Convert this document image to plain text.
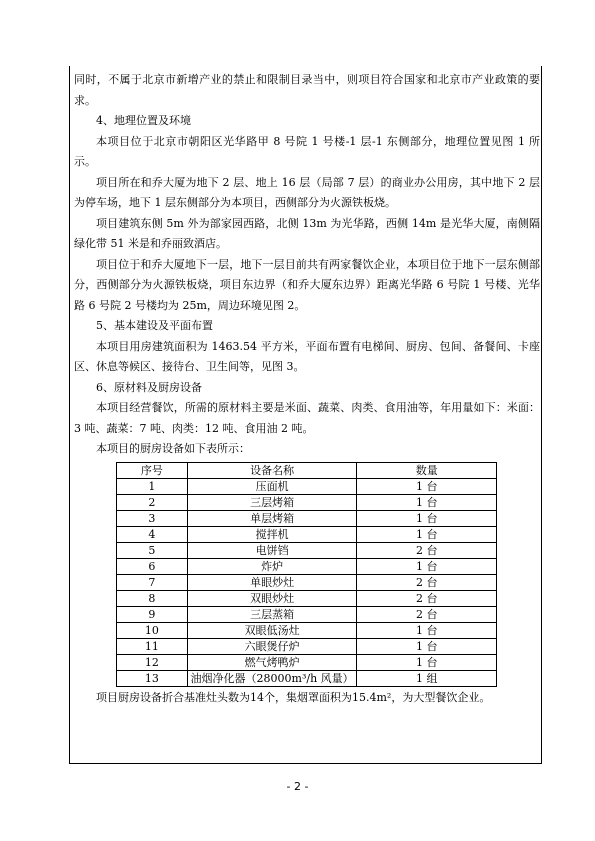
同时，不属于北京市新增产业的禁止和限制目录当中，则项目符合国家和北京市产业政策的要求。

4、地理位置及环境

本项目位于北京市朝阳区光华路甲 8 号院 1 号楼-1 层-1 东侧部分，地理位置见图 1 所示。

项目所在和乔大厦为地下 2 层、地上 16 层（局部 7 层）的商业办公用房，其中地下 2 层为停车场，地下 1 层东侧部分为本项目，西侧部分为火源铁板烧。

项目建筑东侧 5m 外为部家园西路，北侧 13m 为光华路，西侧 14m 是光华大厦，南侧隔绿化带 51 米是和乔丽致酒店。

项目位于和乔大厦地下一层，地下一层目前共有两家餐饮企业，本项目位于地下一层东侧部分，西侧部分为火源铁板烧，项目东边界（和乔大厦东边界）距离光华路 6 号院 1 号楼、光华路 6 号院 2 号楼均为 25m，周边环境见图 2。

5、基本建设及平面布置

本项目用房建筑面积为 1463.54 平方米，平面布置有电梯间、厨房、包间、备餐间、卡座区、休息等候区、接待台、卫生间等，见图 3。

6、原材料及厨房设备

本项目经营餐饮，所需的原材料主要是米面、蔬菜、肉类、食用油等，年用量如下：米面：3 吨、蔬菜：7 吨、肉类：12 吨、食用油 2 吨。

本项目的厨房设备如下表所示：

序号	设备名称	数量
1	压面机	1 台
2	三层烤箱	1 台
3	单层烤箱	1 台
4	搅拌机	1 台
5	电饼铛	2 台
6	炸炉	1 台
7	单眼炒灶	2 台
8	双眼炒灶	2 台
9	三层蒸箱	2 台
10	双眼低汤灶	1 台
11	六眼煲仔炉	1 台
12	燃气烤鸭炉	1 台
13	油烟净化器（28000m³/h 风量）	1 组

项目厨房设备折合基准灶头数为14个，集烟罩面积为15.4m²，为大型餐饮企业。

- 2 -
